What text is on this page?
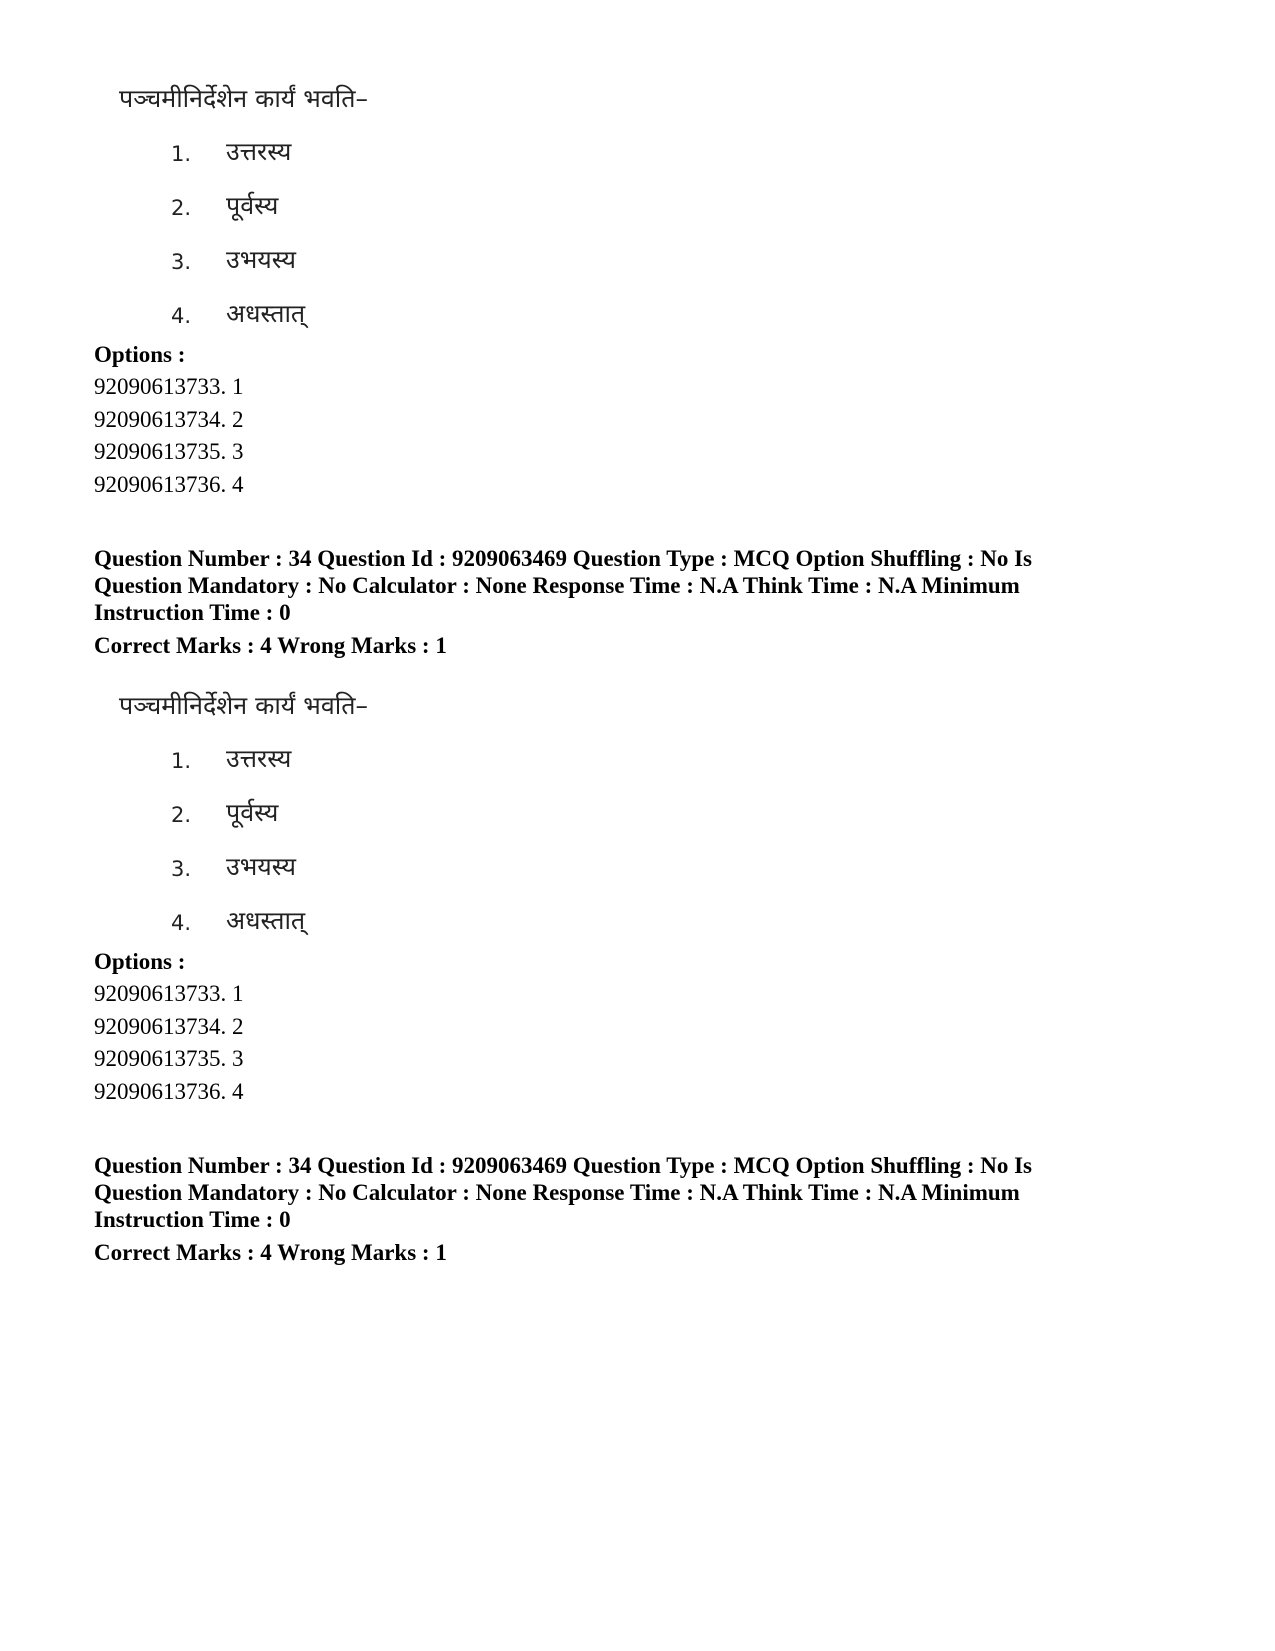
पञ्चमीनिर्देशेन कार्यं भवति–
1. उत्तरस्य
2. पूर्वस्य
3. उभयस्य
4. अधस्तात्
Options :
92090613733. 1
92090613734. 2
92090613735. 3
92090613736. 4
Question Number : 34 Question Id : 9209063469 Question Type : MCQ Option Shuffling : No Is
Question Mandatory : No Calculator : None Response Time : N.A Think Time : N.A Minimum
Instruction Time : 0
Correct Marks : 4 Wrong Marks : 1
पञ्चमीनिर्देशेन कार्यं भवति–
1. उत्तरस्य
2. पूर्वस्य
3. उभयस्य
4. अधस्तात्
Options :
92090613733. 1
92090613734. 2
92090613735. 3
92090613736. 4
Question Number : 34 Question Id : 9209063469 Question Type : MCQ Option Shuffling : No Is
Question Mandatory : No Calculator : None Response Time : N.A Think Time : N.A Minimum
Instruction Time : 0
Correct Marks : 4 Wrong Marks : 1
